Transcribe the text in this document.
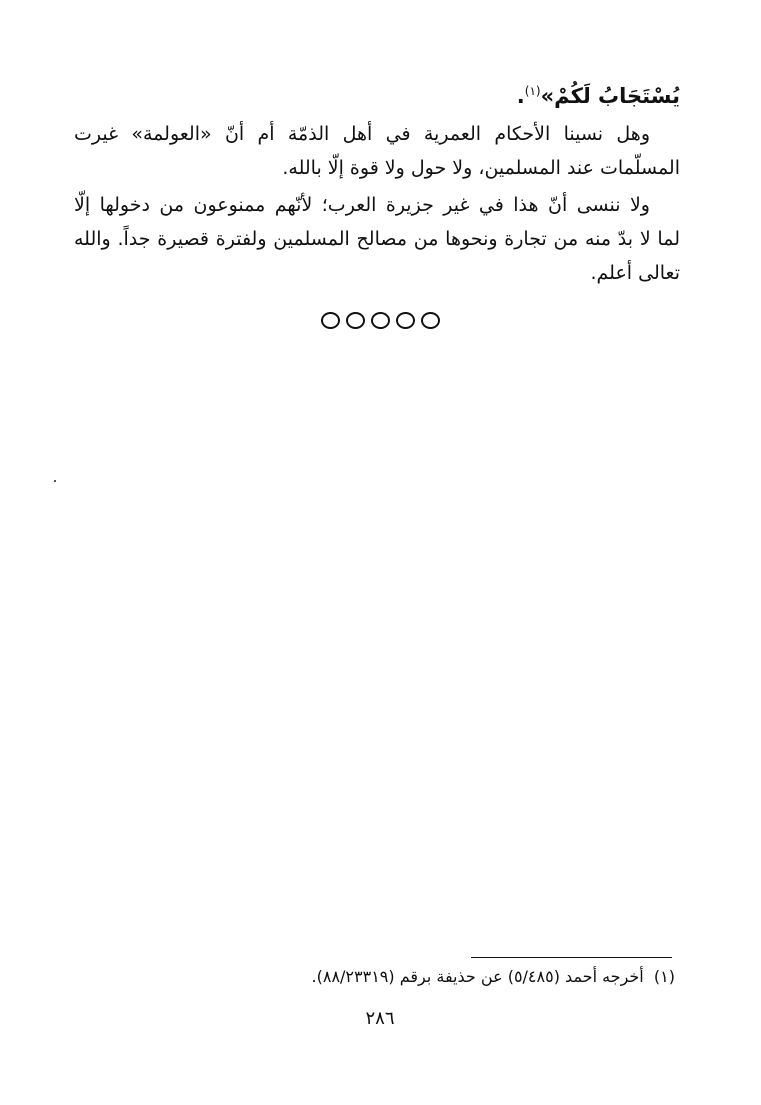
يُسْتَجَابُ لَكُمْ»$^{(١)}$.
وهل نسينا الأحكام العمرية في أهل الذمّة أم أنّ «العولمة» غيرت
المسلّمات عند المسلمين، ولا حول ولا قوة إلّا بالله.
ولا ننسى أنّ هذا في غير جزيرة العرب؛ لأنّهم ممنوعون من دخولها إلّا
لما لا بدّ منه من تجارة ونحوها من مصالح المسلمين ولفترة قصيرة جداً. والله
تعالى أعلم.
(١)  أخرجه أحمد (٥/٤٨٥) عن حذيفة برقم (٨٨/٢٣٣١٩).
٢٨٦
